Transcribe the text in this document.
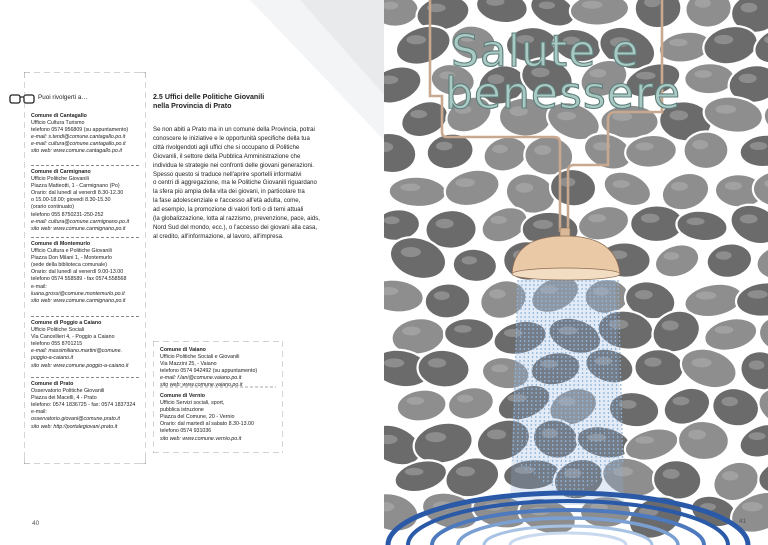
Puoi rivolgerti a…
Comune di Cantagallo
Ufficio Cultura Turismo
telefono 0574 956809 (su appuntamento)
e-mail: s.tendi@comune.cantagallo.po.it
e-mail: cultura@comune.cantagallo.po.it
sito web: www.comune.cantagallo.po.it
Comune di Carmignano
Ufficio Politiche Giovanili
Piazza Matteotti, 1 - Carmignano (Po)
Orario: dal lunedì al venerdì 8.30-12.30
o 15.00-18.00; giovedì 8.30-15.30
(orario continuato)
telefono 055 8750231-250-252
e-mail: cultura@comune.carmignano.po.it
sito web: www.comune.carmignano.po.it
Comune di Montemurlo
Ufficio Cultura e Politiche Giovanili
Piazza Don Milani 1, - Montemurlo
(sede della biblioteca comunale)
Orario: dal lunedì al venerdì 9.00-13.00
telefono 0574 558589 - fax 0574.558568
e-mail:
luana.grossi@comune.montemurlo.po.it
sito web: www.comune.carmignano.po.it
Comune di Poggio a Caiano
Ufficio Politiche Sociali
Via Cancellieri 4, - Poggio a Caiano
telefono 055 8701215
e-mail: massimiliano.martini@comune.
poggio-a-caiano.it
sito web: www.comune.poggio-a-caiano.it
Comune di Prato
Osservatorio Politiche Giovanili
Piazza dei Macelli, 4 - Prato
telefono: 0574 1836725 - fax: 0574 1837324
e-mail:
osservatorio.giovani@comune.prato.it
sito web: http://portalegiovani.prato.it
2.5 Uffici delle Politiche Giovanili
nella Provincia di Prato
Se non abiti a Prato ma in un comune della Provincia, potrai
conoscere le iniziative e le opportunità specifiche della tua
città rivolgendoti agli uffici che si occupano di Politiche
Giovanili, il settore della Pubblica Amministrazione che
individua le strategie nei confronti delle giovani generazioni.
Spesso questo si traduce nell'aprire sportelli informativi
o centri di aggregazione, ma le Politiche Giovanili riguardano
la sfera più ampia della vita dei giovani, in particolare tra
la fase adolescenziale e l'accesso all'età adulta, come,
ad esempio, la promozione di valori forti o di temi attuali
(la globalizzazione, lotta al razzismo, prevenzione, pace, aids,
Nord Sud del mondo, ecc.), o l'accesso dei giovani alla casa,
al credito, all'informazione, al lavoro, all'impresa.
Comune di Vaiano
Ufficio Politiche Sociali e Giovanili
Via Mazzini 25, - Vaiano
telefono 0574 942492 (su appuntamento)
e-mail: f.lani@comune.vaiano.po.it
sito web: www.comune.vaiano.po.it
Comune di Vernio
Ufficio Servizi sociali, sport,
pubblica istruzione
Piazza del Comune, 20 - Vernio
Orario: dal martedì al sabato 8.30-13.00
telefono 0574 931036
sito web: www.comune.vernio.po.it
40
Salute e
benessere
41
